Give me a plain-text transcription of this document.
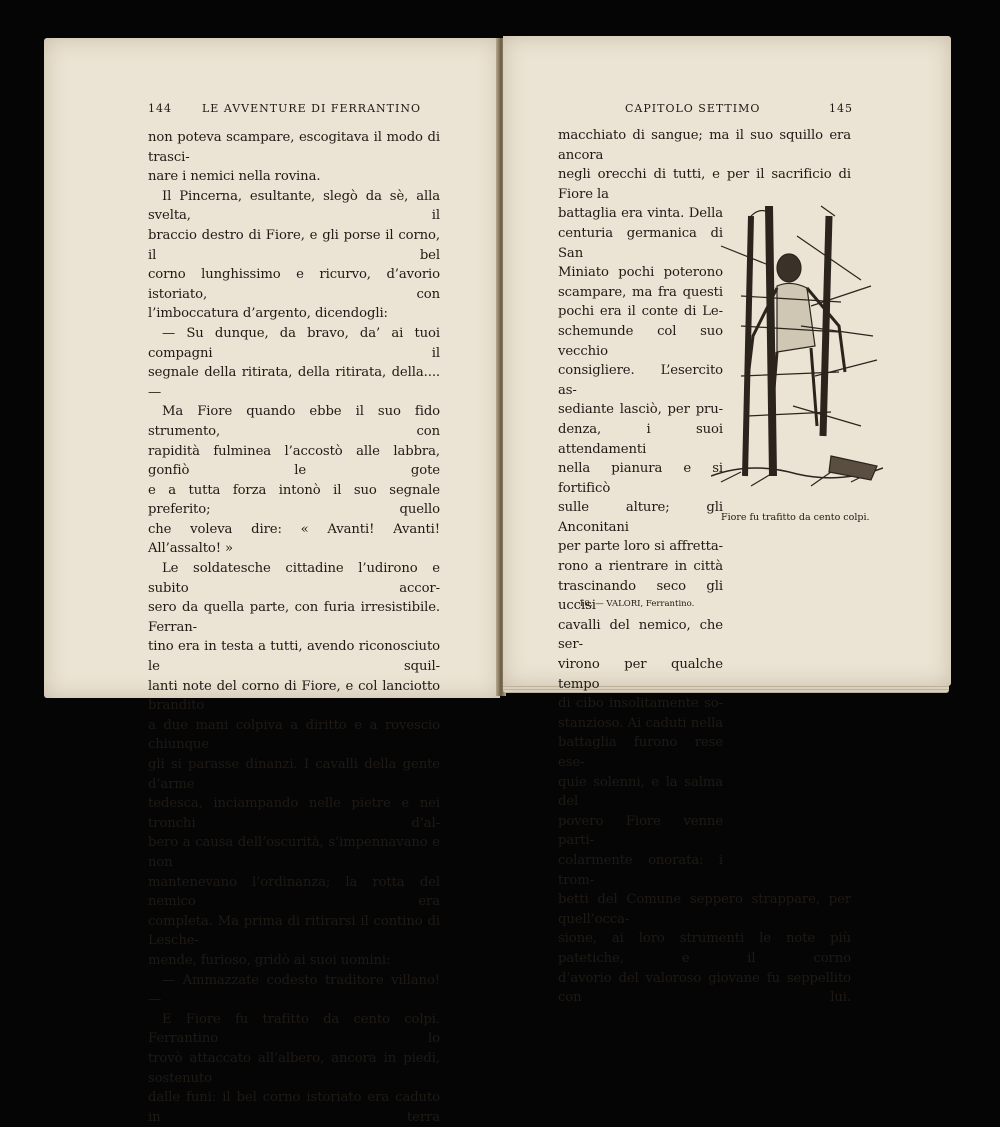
144	LE AVVENTURE DI FERRANTINO

non poteva scampare, escogitava il modo di trasci-

nare i nemici nella rovina.

Il Pincerna, esultante, slegò da sè, alla svelta, il

braccio destro di Fiore, e gli porse il corno, il bel

corno lunghissimo e ricurvo, d’avorio istoriato, con

l’imboccatura d’argento, dicendogli:

— Su dunque, da bravo, da’ ai tuoi compagni il

segnale della ritirata, della ritirata, della.... —

Ma Fiore quando ebbe il suo fido strumento, con

rapidità fulminea l’accostò alle labbra, gonfiò le gote

e a tutta forza intonò il suo segnale preferito; quello

che voleva dire: « Avanti! Avanti! All’assalto! »

Le soldatesche cittadine l’udirono e subito accor-

sero da quella parte, con furia irresistibile. Ferran-

tino era in testa a tutti, avendo riconosciuto le squil-

lanti note del corno di Fiore, e col lanciotto brandito

a due mani colpiva a diritto e a rovescio chiunque

gli si parasse dinanzi. I cavalli della gente d’arme

tedesca, inciampando nelle pietre e nei tronchi d’al-

bero a causa dell’oscurità, s’impennavano e non

mantenevano l’ordinanza; la rotta del nemico era

completa. Ma prima di ritirarsi il contino di Lesche-

mende, furioso, gridò ai suoi uomini:

— Ammazzate codesto traditore villano! —

E Fiore fu trafitto da cento colpi. Ferrantino lo

trovò attaccato all’albero, ancora in piedi, sostenuto

dalle funi: il bel corno istoriato era caduto in terra

CAPITOLO SETTIMO	145

macchiato di sangue; ma il suo squillo era ancora

negli orecchi di tutti, e per il sacrificio di Fiore la

battaglia era vinta. Della

centuria germanica di San

Miniato pochi poterono

scampare, ma fra questi

pochi era il conte di Le-

schemunde col suo vecchio

consigliere. L’esercito as-

sediante lasciò, per pru-

denza, i suoi attendamenti

nella pianura e si fortificò

sulle alture; gli Anconitani

per parte loro si affretta-

rono a rientrare in città

trascinando seco gli uccisi

cavalli del nemico, che ser-

virono per qualche tempo

di cibo insolitamente so-

stanzioso. Ai caduti nella

battaglia furono rese ese-

quie solenni, e la salma del

povero Fiore venne parti-

colarmente onorata: i trom-

betti del Comune seppero strappare, per quell’occa-

sione, ai loro strumenti le note più patetiche, e il corno

d’avorio del valoroso giovane fu seppellito con lui.

Fiore fu trafitto da cento colpi.
10. — VALORI, Ferrantino.
